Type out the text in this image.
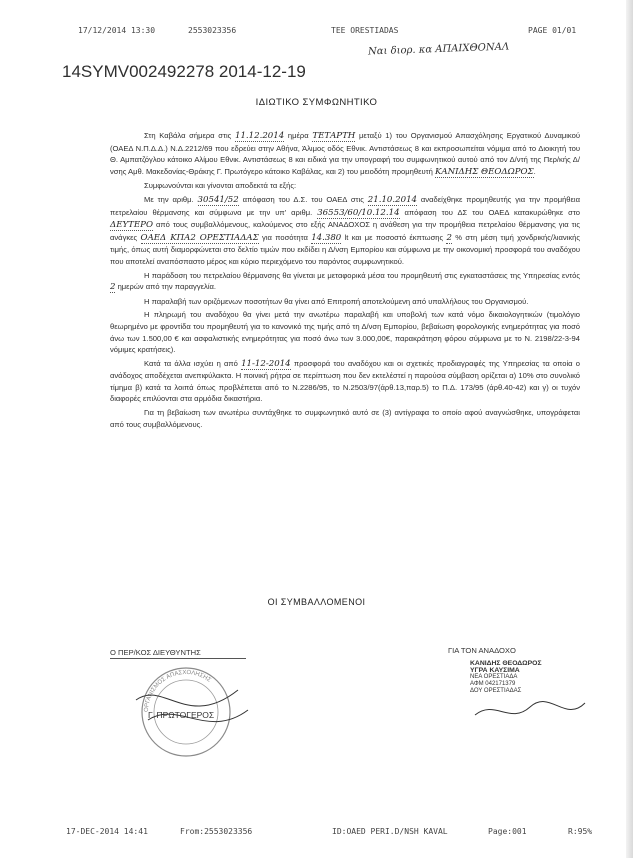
17/12/2014 13:30	2553023356	TEE ORESTIADAS	PAGE 01/01
14SYMV002492278 2014-12-19
Ναι διορ. κα ΑΠΑΙΧΘΟΝΑΛ
ΙΔΙΩΤΙΚΟ ΣΥΜΦΩΝΗΤΙΚΟ

Στη Καβάλα σήμερα στις 11.12.2014 ημέρα ΤΕΤΑΡΤΗ μεταξύ 1) του Οργανισμού Απασχόλησης Εργατικού Δυναμικού (ΟΑΕΔ Ν.Π.Δ.Δ.) Ν.Δ.2212/69 που εδρεύει στην Αθήνα, Άλιμος οδός Εθνικ. Αντιστάσεως 8 και εκπροσωπείται νόμιμα από το Διοικητή του Θ. Αμπατζόγλου κάτοικο Αλίμου Εθνικ. Αντιστάσεως 8 και ειδικά για την υπογραφή του συμφωνητικού αυτού από τον Δ/ντή της Περ/κής Δ/νσης Αμθ. Μακεδονίας-Θράκης Γ. Πρωτόγερο κάτοικο Καβάλας, και 2) του μειοδότη προμηθευτή ΚΑΝΙΔΗΣ ΘΕΟΔΩΡΟΣ.

Συμφωνούνται και γίνονται αποδεκτά τα εξής:

Με την αριθμ. 30541/52 απόφαση του Δ.Σ. του ΟΑΕΔ στις 21.10.2014 αναδείχθηκε προμηθευτής για την προμήθεια πετρελαίου θέρμανσης και σύμφωνα με την υπ' αριθμ. 36553/60/10.12.14 απόφαση του ΔΣ του ΟΑΕΔ κατακυρώθηκε στο ΔΕΥΤΕΡΟ από τους συμβαλλόμενους, καλούμενος στο εξής ΑΝΑΔΟΧΟΣ η ανάθεση για την προμήθεια πετρελαίου θέρμανσης για τις ανάγκες ΟΑΕΔ ΚΠΑ2 ΟΡΕΣΤΙΑΔΑΣ για ποσότητα 14.380 lt και με ποσοστό έκπτωσης 2 % στη μέση τιμή χονδρικής/λιανικής τιμής, όπως αυτή διαμορφώνεται στο δελτίο τιμών που εκδίδει η Δ/νση Εμπορίου και σύμφωνα με την οικονομική προσφορά του αναδόχου που αποτελεί αναπόσπαστο μέρος και κύριο περιεχόμενο του παρόντος συμφωνητικού.

Η παράδοση του πετρελαίου θέρμανσης θα γίνεται με μεταφορικά μέσα του προμηθευτή στις εγκαταστάσεις της Υπηρεσίας εντός 2 ημερών από την παραγγελία.

Η παραλαβή των οριζόμενων ποσοτήτων θα γίνει από Επιτροπή αποτελούμενη από υπαλλήλους του Οργανισμού.

Η πληρωμή του αναδόχου θα γίνει μετά την ανωτέρω παραλαβή και υποβολή των κατά νόμο δικαιολογητικών (τιμολόγιο θεωρημένο με φροντίδα του προμηθευτή για το κανονικό της τιμής από τη Δ/νση Εμπορίου, βεβαίωση φορολογικής ενημερότητας για ποσό άνω των 1.500,00 € και ασφαλιστικής ενημερότητας για ποσό άνω των 3.000,00€, παρακράτηση φόρου σύμφωνα με το Ν. 2198/22-3-94 νόμιμες κρατήσεις).

Κατά τα άλλα ισχύει η από 11-12-2014 προσφορά του αναδόχου και οι σχετικές προδιαγραφές της Υπηρεσίας τα οποία ο ανάδοχος αποδέχεται ανεπιφύλακτα. Η ποινική ρήτρα σε περίπτωση που δεν εκτελέστεί η παρούσα σύμβαση ορίζεται α) 10% στο συνολικό τίμημα β) κατά τα λοιπά όπως προβλέπεται από το Ν.2286/95, το Ν.2503/97(άρθ.13,παρ.5) το Π.Δ. 173/95 (άρθ.40-42) και γ) οι τυχόν διαφορές επιλύονται στα αρμόδια δικαστήρια.

Για τη βεβαίωση των ανωτέρω συντάχθηκε το συμφωνητικό αυτό σε (3) αντίγραφα το οποίο αφού αναγνώσθηκε, υπογράφεται από τους συμβαλλόμενους.

ΟΙ ΣΥΜΒΑΛΛΟΜΕΝΟΙ
Ο ΠΕΡ/ΚΟΣ ΔΙΕΥΘΥΝΤΗΣ	ΓΙΑ ΤΟΝ ΑΝΑΔΟΧΟ
ΟΡΓΑΝΙΣΜΟΣ ΑΠΑΣΧΟΛΗΣΗΣ
Γ. ΠΡΩΤΟΓΕΡΟΣ
ΚΑΝΙΔΗΣ ΘΕΟΔΩΡΟΣ
ΥΓΡΑ ΚΑΥΣΙΜΑ
ΝΕΑ ΟΡΕΣΤΙΑΔΑ
ΑΦΜ 042171379
ΔΟΥ ΟΡΕΣΤΙΑΔΑΣ
17-DEC-2014 14:41	From:2553023356	ID:OAED PERI.D/NSH KAVAL	Page:001	R:95%
